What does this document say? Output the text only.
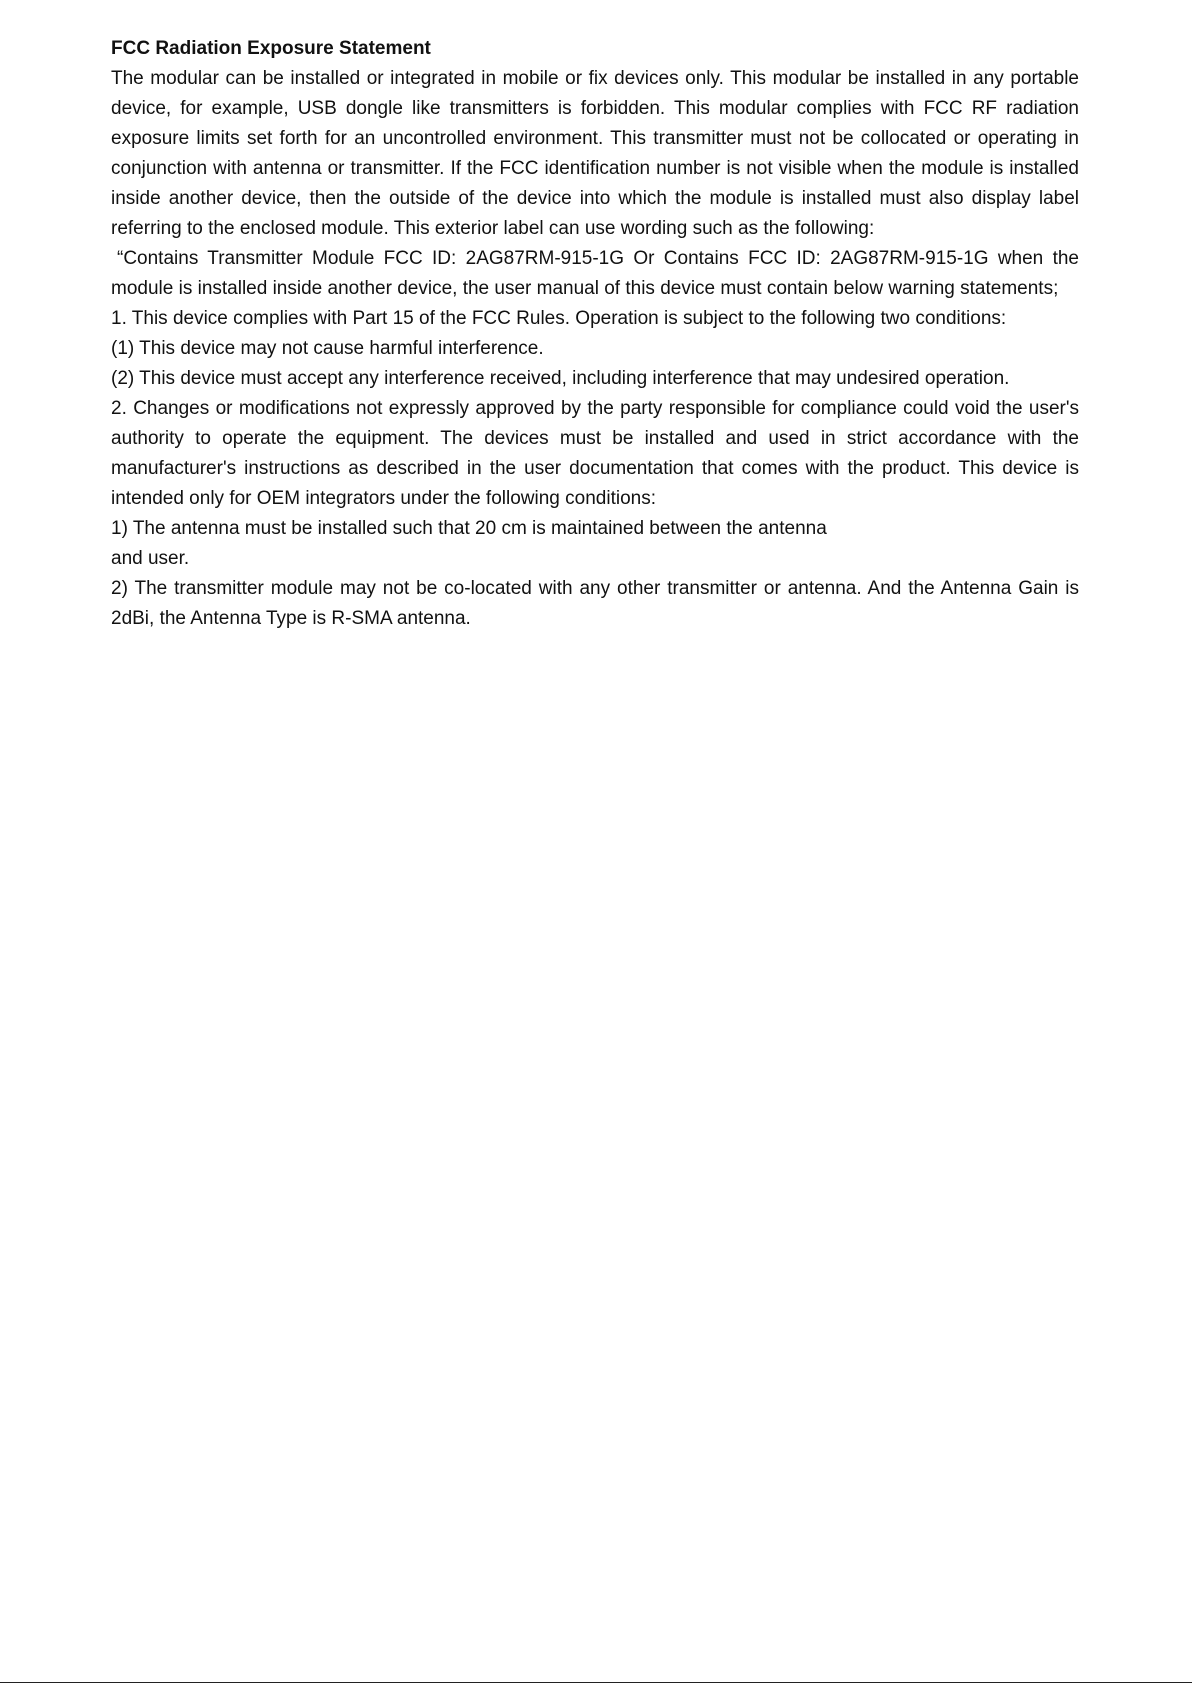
FCC Radiation Exposure Statement

The modular can be installed or integrated in mobile or fix devices only. This modular be installed in any portable device, for example, USB dongle like transmitters is forbidden. This modular complies with FCC RF radiation exposure limits set forth for an uncontrolled environment. This transmitter must not be collocated or operating in conjunction with antenna or transmitter. If the FCC identification number is not visible when the module is installed inside another device, then the outside of the device into which the module is installed must also display label referring to the enclosed module. This exterior label can use wording such as the following:

“Contains Transmitter Module FCC ID: 2AG87RM-915-1G Or Contains FCC ID: 2AG87RM-915-1G when the module is installed inside another device, the user manual of this device must contain below warning statements;

1. This device complies with Part 15 of the FCC Rules. Operation is subject to the following two conditions:

(1) This device may not cause harmful interference.

(2) This device must accept any interference received, including interference that may undesired operation.

2. Changes or modifications not expressly approved by the party responsible for compliance could void the user's authority to operate the equipment. The devices must be installed and used in strict accordance with the manufacturer's instructions as described in the user documentation that comes with the product. This device is intended only for OEM integrators under the following conditions:

1) The antenna must be installed such that 20 cm is maintained between the antenna

and user.

2) The transmitter module may not be co-located with any other transmitter or antenna. And the Antenna Gain is 2dBi, the Antenna Type is R-SMA antenna.
